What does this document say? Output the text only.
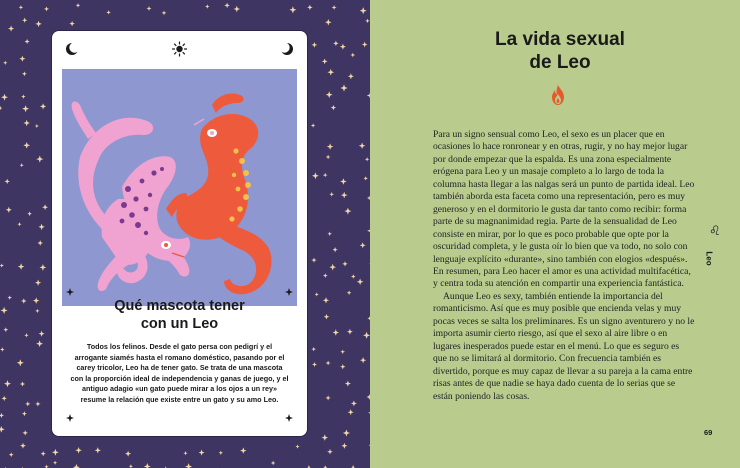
Qué mascota tener
con un Leo
Todos los felinos. Desde el gato persa con pedigrí y el arrogante siamés hasta el romano doméstico, pasando por el carey tricolor, Leo ha de tener gato. Se trata de una mascota con la proporción ideal de independencia y ganas de juego, y el antiguo adagio «un gato puede mirar a los ojos a un rey» resume la relación que existe entre un gato y su amo Leo.
La vida sexual
de Leo

Para un signo sensual como Leo, el sexo es un placer que en ocasiones lo hace ronronear y en otras, rugir, y no hay mejor lugar por donde empezar que la espalda. Es una zona especialmente erógena para Leo y un masaje completo a lo largo de toda la columna hasta llegar a las nalgas será un punto de partida ideal. Leo también aborda esta faceta como una representación, pero es muy generoso y en el dormitorio le gusta dar tanto como recibir: forma parte de su magnanimidad regia. Parte de la sensualidad de Leo consiste en mirar, por lo que es poco probable que opte por la oscuridad completa, y le gusta oír lo bien que va todo, no solo con lenguaje explícito «durante», sino también con elogios «después». En resumen, para Leo hacer el amor es una actividad multifacética, y centra toda su atención en compartir una experiencia fantástica.

Aunque Leo es sexy, también entiende la importancia del romanticismo. Así que es muy posible que encienda velas y muy pocas veces se salta los preliminares. Es un signo aventurero y no le importa asumir cierto riesgo, así que el sexo al aire libre o en lugares inesperados puede estar en el menú. Lo que es seguro es que no se limitará al dormitorio. Con frecuencia también es divertido, porque es muy capaz de llevar a su pareja a la cama entre risas antes de que nadie se haya dado cuenta de lo serias que se están poniendo las cosas.

♌︎
Leo
69
